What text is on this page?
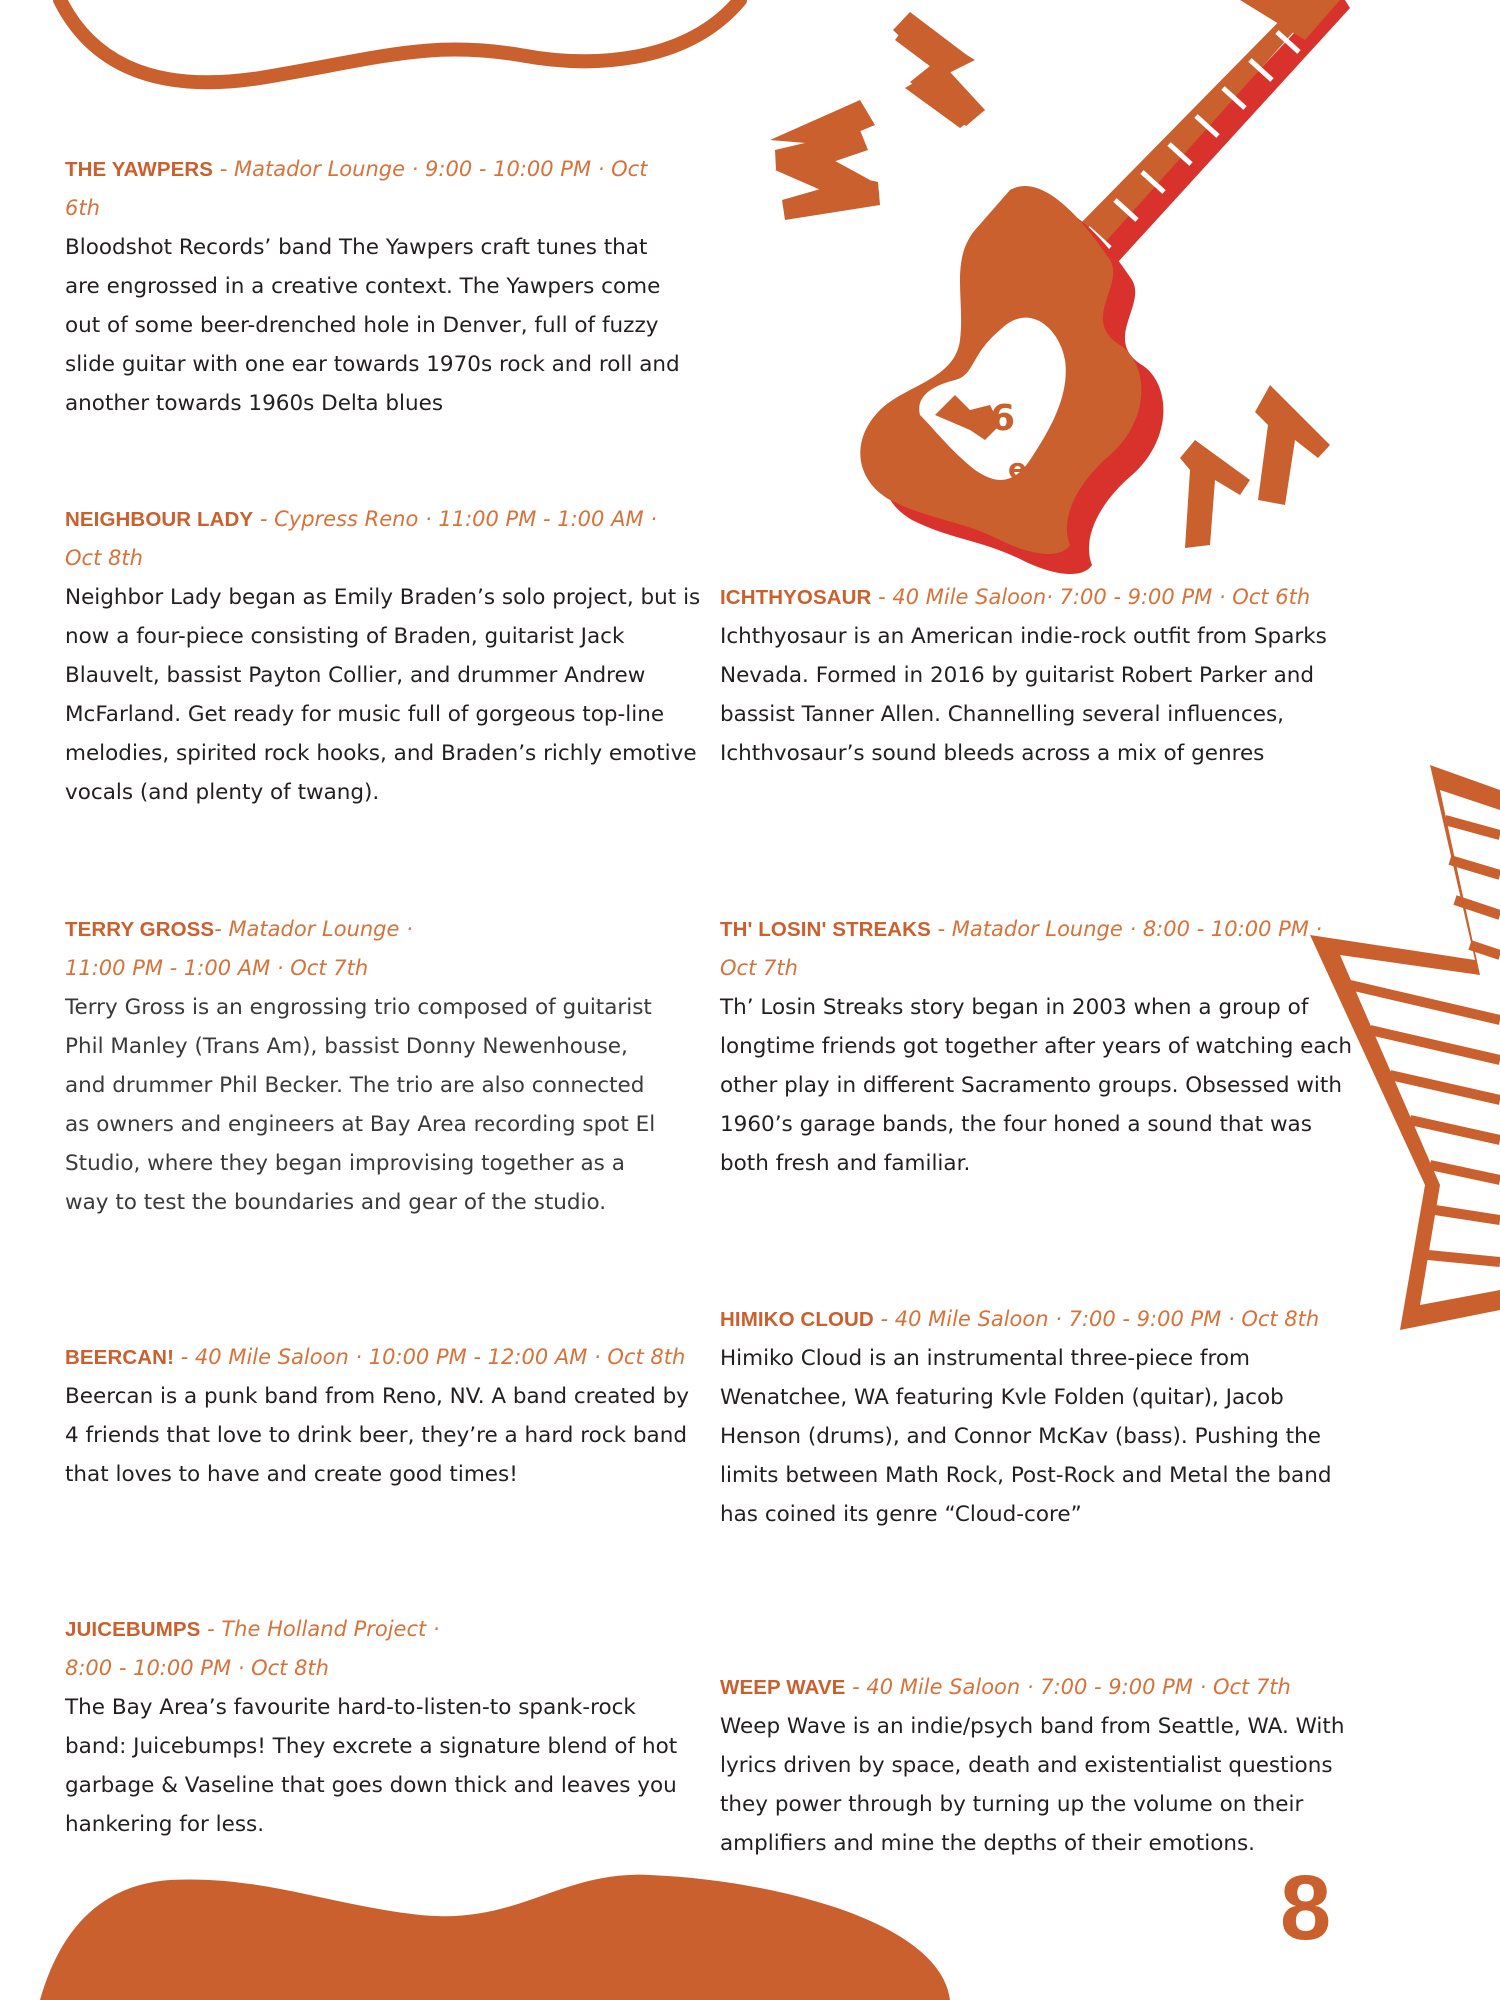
6
e
THE YAWPERS - Matador Lounge · 9:00 - 10:00 PM · Oct 6th
Bloodshot Records’ band The Yawpers craft tunes that are engrossed in a creative context. The Yawpers come out of some beer-drenched hole in Denver, full of fuzzy slide guitar with one ear towards 1970s rock and roll and another towards 1960s Delta blues
NEIGHBOUR LADY - Cypress Reno · 11:00 PM - 1:00 AM · Oct 8th
Neighbor Lady began as Emily Braden’s solo project, but is now a four-piece consisting of Braden, guitarist Jack Blauvelt, bassist Payton Collier, and drummer Andrew McFarland. Get ready for music full of gorgeous top-line melodies, spirited rock hooks, and Braden’s richly emotive vocals (and plenty of twang).
ICHTHYOSAUR - 40 Mile Saloon· 7:00 - 9:00 PM · Oct 6th
Ichthyosaur is an American indie-rock outfit from Sparks Nevada. Formed in 2016 by guitarist Robert Parker and bassist Tanner Allen. Channelling several influences, Ichthvosaur’s sound bleeds across a mix of genres
TERRY GROSS- Matador Lounge · 11:00 PM - 1:00 AM · Oct 7th
Terry Gross is an engrossing trio composed of guitarist Phil Manley (Trans Am), bassist Donny Newenhouse, and drummer Phil Becker. The trio are also connected as owners and engineers at Bay Area recording spot El Studio, where they began improvising together as a way to test the boundaries and gear of the studio.
TH' LOSIN' STREAKS - Matador Lounge · 8:00 - 10:00 PM · Oct 7th
Th’ Losin Streaks story began in 2003 when a group of longtime friends got together after years of watching each other play in different Sacramento groups. Obsessed with 1960’s garage bands, the four honed a sound that was both fresh and familiar.
HIMIKO CLOUD - 40 Mile Saloon · 7:00 - 9:00 PM · Oct 8th
Himiko Cloud is an instrumental three-piece from Wenatchee, WA featuring Kvle Folden (quitar), Jacob Henson (drums), and Connor McKav (bass). Pushing the limits between Math Rock, Post-Rock and Metal the band has coined its genre “Cloud-core”
BEERCAN! - 40 Mile Saloon · 10:00 PM - 12:00 AM · Oct 8th
Beercan is a punk band from Reno, NV. A band created by 4 friends that love to drink beer, they’re a hard rock band that loves to have and create good times!
JUICEBUMPS - The Holland Project · 8:00 - 10:00 PM · Oct 8th
The Bay Area’s favourite hard-to-listen-to spank-rock band: Juicebumps! They excrete a signature blend of hot garbage & Vaseline that goes down thick and leaves you hankering for less.
WEEP WAVE - 40 Mile Saloon · 7:00 - 9:00 PM · Oct 7th
Weep Wave is an indie/psych band from Seattle, WA. With lyrics driven by space, death and existentialist questions they power through by turning up the volume on their amplifiers and mine the depths of their emotions.
8
